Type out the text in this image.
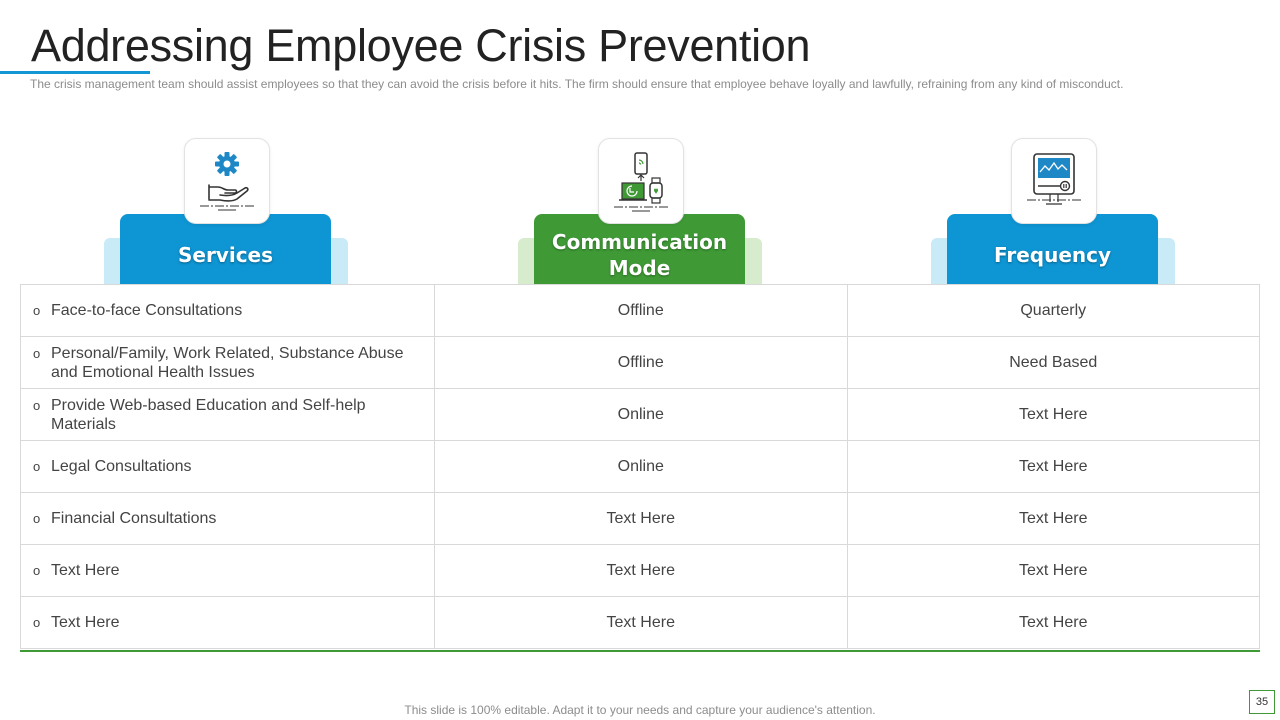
Addressing Employee Crisis Prevention
The crisis management team should assist employees so that they can avoid the crisis before it hits. The firm should ensure that employee behave loyally and lawfully, refraining from any kind of misconduct.
Services
Communication Mode
Frequency
o Face-to-face Consultations	Offline	Quarterly

o Personal/Family, Work Related, Substance Abuse and Emotional Health Issues	Offline	Need Based

o Provide Web-based Education and Self-help Materials	Online	Text Here

o Legal Consultations	Online	Text Here

o Financial Consultations	Text Here	Text Here

o Text Here	Text Here	Text Here

o Text Here	Text Here	Text Here
This slide is 100% editable. Adapt it to your needs and capture your audience's attention.
35
